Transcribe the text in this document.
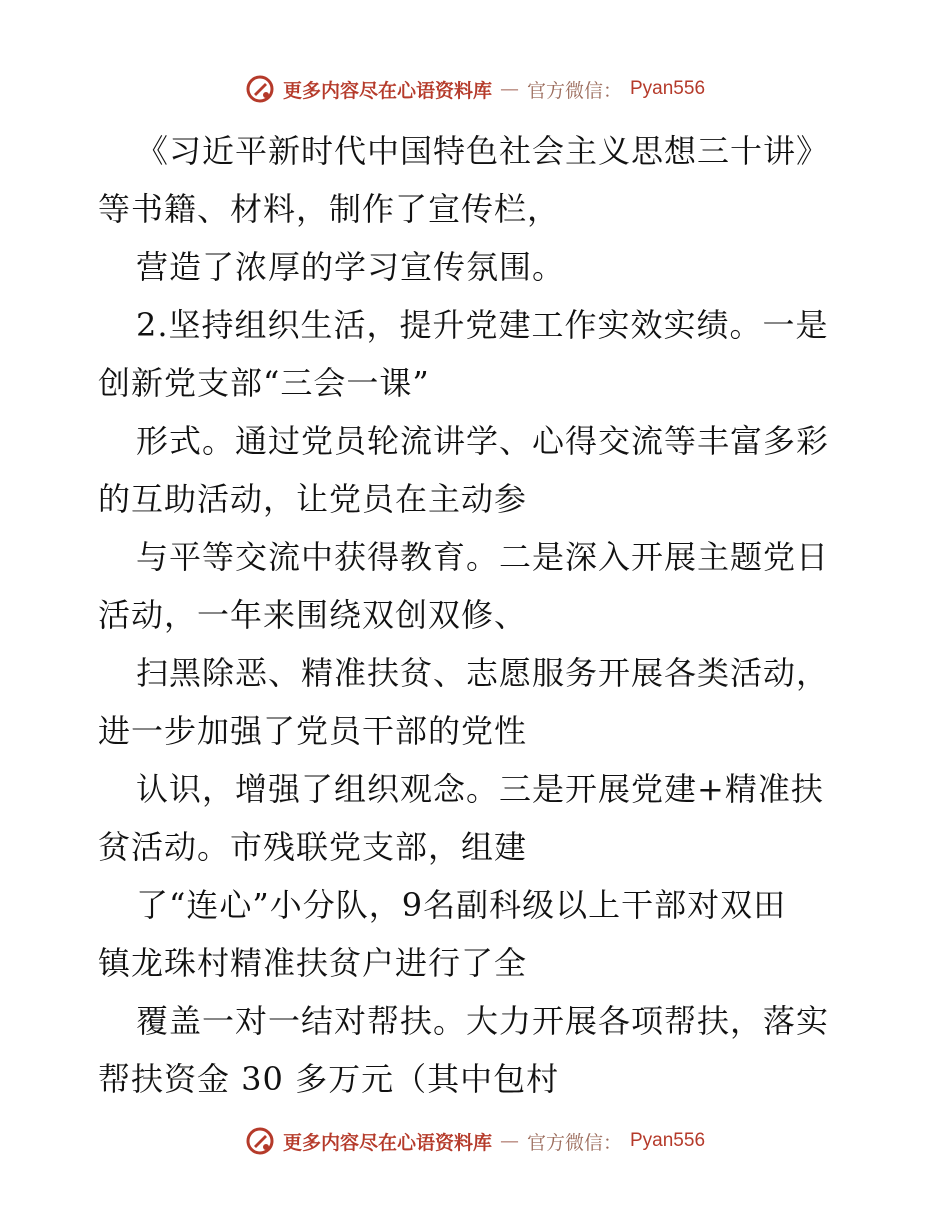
更多内容尽在心语资料库 — 官方微信： Pyan556
《习近平新时代中国特色社会主义思想三十讲》
等书籍、材料，制作了宣传栏，
营造了浓厚的学习宣传氛围。
2.坚持组织生活，提升党建工作实效实绩。一是
创新党支部“三会一课”
形式。通过党员轮流讲学、心得交流等丰富多彩
的互助活动，让党员在主动参
与平等交流中获得教育。二是深入开展主题党日
活动，一年来围绕双创双修、
扫黑除恶、精准扶贫、志愿服务开展各类活动，
进一步加强了党员干部的党性
认识，增强了组织观念。三是开展党建+精准扶
贫活动。市残联党支部，组建
了“连心”小分队，9名副科级以上干部对双田
镇龙珠村精准扶贫户进行了全
覆盖一对一结对帮扶。大力开展各项帮扶，落实
帮扶资金 30 多万元（其中包村
更多内容尽在心语资料库 — 官方微信： Pyan556
